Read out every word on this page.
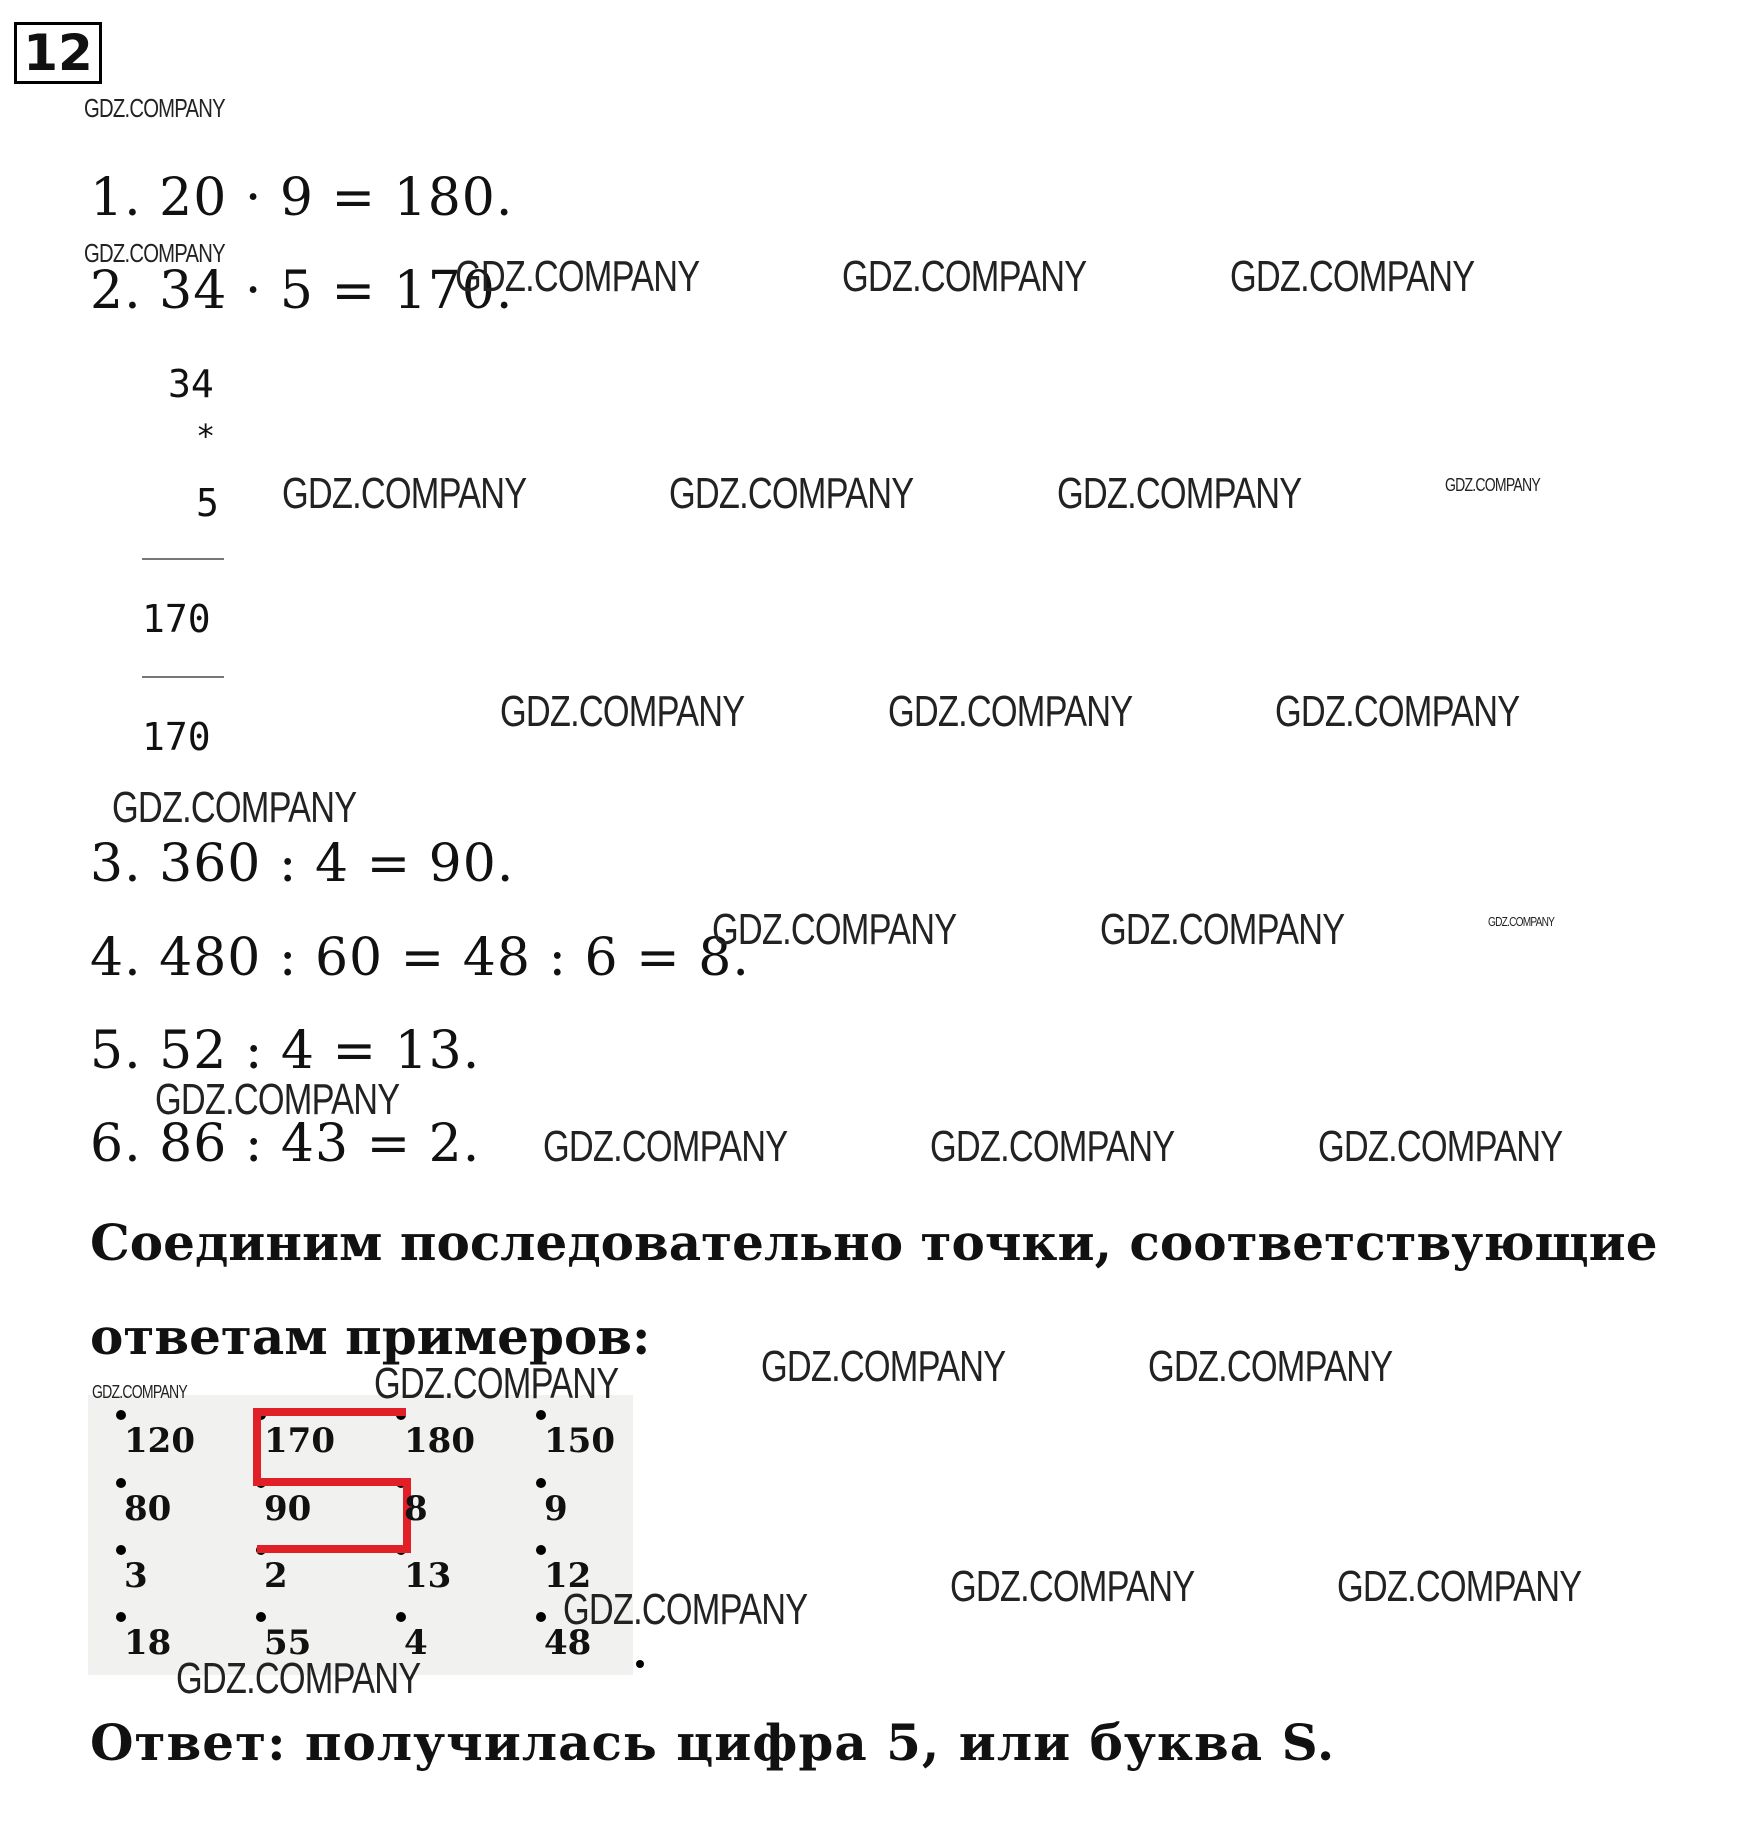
12
1. 20 · 9 = 180.
2. 34 · 5 = 170.
34
*
5
170
170
3. 360 : 4 = 90.
4. 480 : 60 = 48 : 6 = 8.
5. 52 : 4 = 13.
6. 86 : 43 = 2.
Соединим последовательно точки, соответствующие
ответам примеров:
120 170 180 150
80	90	8	9
3	2	13	12
18	55	4	48
Ответ: получилась цифра 5, или буква S.
GDZ.COMPANY
GDZ.COMPANY	GDZ.COMPANY	GDZ.COMPANY	GDZ.COMPANY
GDZ.COMPANY	GDZ.COMPANY	GDZ.COMPANY	GDZ.COMPANY
GDZ.COMPANY	GDZ.COMPANY	GDZ.COMPANY
GDZ.COMPANY
GDZ.COMPANY	GDZ.COMPANY	GDZ.COMPANY
GDZ.COMPANY
GDZ.COMPANY	GDZ.COMPANY	GDZ.COMPANY
GDZ.COMPANY	GDZ.COMPANY	GDZ.COMPANY
GDZ.COMPANY
GDZ.COMPANY	GDZ.COMPANY	GDZ.COMPANY
GDZ.COMPANY
